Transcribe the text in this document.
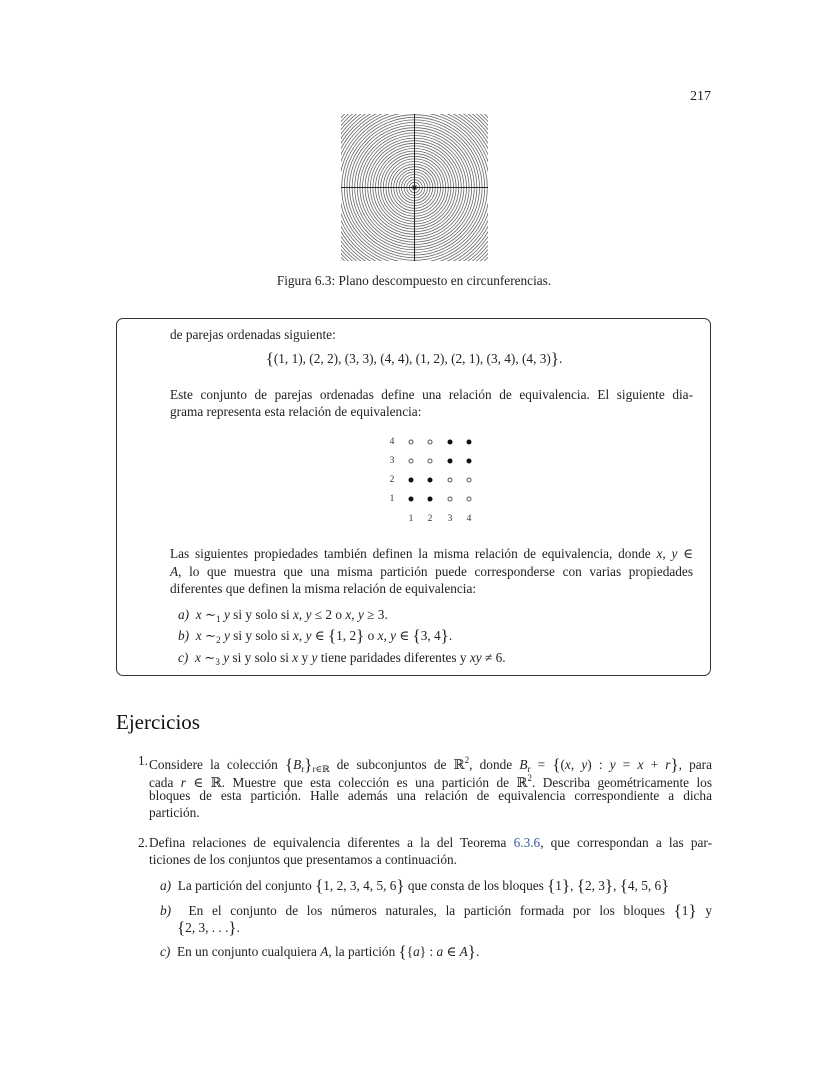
217
Figura 6.3: Plano descompuesto en circunferencias.
de parejas ordenadas siguiente:
{(1, 1), (2, 2), (3, 3), (4, 4), (1, 2), (2, 1), (3, 4), (4, 3)}.
Este conjunto de parejas ordenadas define una relación de equivalencia. El siguiente dia-
grama representa esta relación de equivalencia:
4
3
2
1
1 2 3 4
Las siguientes propiedades también definen la misma relación de equivalencia, donde x, y ∈
A, lo que muestra que una misma partición puede corresponderse con varias propiedades
diferentes que definen la misma relación de equivalencia:
a) x $\sim_1$ y si y solo si x, y ≤ 2 o x, y ≥ 3.
b) x $\sim_2$ y si y solo si x, y ∈ {1, 2} o x, y ∈ {3, 4}.
c) x $\sim_3$ y si y solo si x y y tiene paridades diferentes y xy ≠ 6.
Ejercicios
1. Considere la colección $\{B_r\}_{r\in ℝ}$ de subconjuntos de ℝ$^2$, donde $B_r = \{(x$, y) : y = x + r}, para
cada r ∈ ℝ. Muestre que esta colección es una partición de ℝ$^2$. Describa geométricamente los
bloques de esta partición. Halle además una relación de equivalencia correspondiente a dicha
partición.
2. Defina relaciones de equivalencia diferentes a la del Teorema 6.3.6, que correspondan a las par-
ticiones de los conjuntos que presentamos a continuación.
a)  La partición del conjunto {1, 2, 3, 4, 5, 6} que consta de los bloques {1}, {2, 3}, {4, 5, 6}
b)  En el conjunto de los números naturales, la partición formada por los bloques {1} y
{2, 3, . . .}.
c)  En un conjunto cualquiera A, la partición {{a} : a ∈ A}.
